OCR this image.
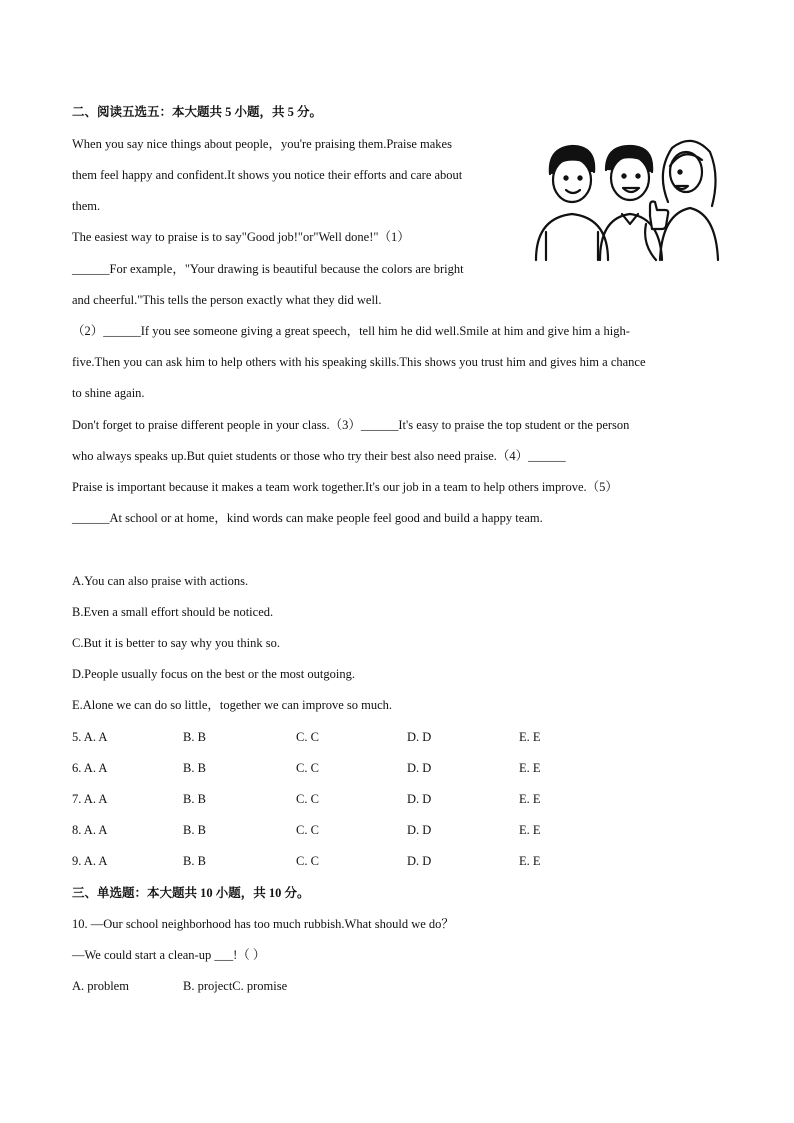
二、阅读五选五：本大题共 5 小题，共 5 分。
When you say nice things about people，you're praising them.Praise makes
them feel happy and confident.It shows you notice their efforts and care about
them.
The easiest way to praise is to say"Good job!"or"Well done!"（1）
______For example，"Your drawing is beautiful because the colors are bright
and cheerful."This tells the person exactly what they did well.
（2）______If you see someone giving a great speech，tell him he did well.Smile at him and give him a high-
five.Then you can ask him to help others with his speaking skills.This shows you trust him and gives him a chance
to shine again.
Don't forget to praise different people in your class.（3）______It's easy to praise the top student or the person
who always speaks up.But quiet students or those who try their best also need praise.（4）______
Praise is important because it makes a team work together.It's our job in a team to help others improve.（5）
______At school or at home，kind words can make people feel good and build a happy team.
A.You can also praise with actions.
B.Even a small effort should be noticed.
C.But it is better to say why you think so.
D.People usually focus on the best or the most outgoing.
E.Alone we can do so little，together we can improve so much.
5. A. A	B. B	C. C	D. D	E. E
6. A. A	B. B	C. C	D. D	E. E
7. A. A	B. B	C. C	D. D	E. E
8. A. A	B. B	C. C	D. D	E. E
9. A. A	B. B	C. C	D. D	E. E
三、单选题：本大题共 10 小题，共 10 分。
10. —Our school neighborhood has too much rubbish.What should we do？
—We could start a clean-up ___!（ ）
A. problem	B. projectC. promise
